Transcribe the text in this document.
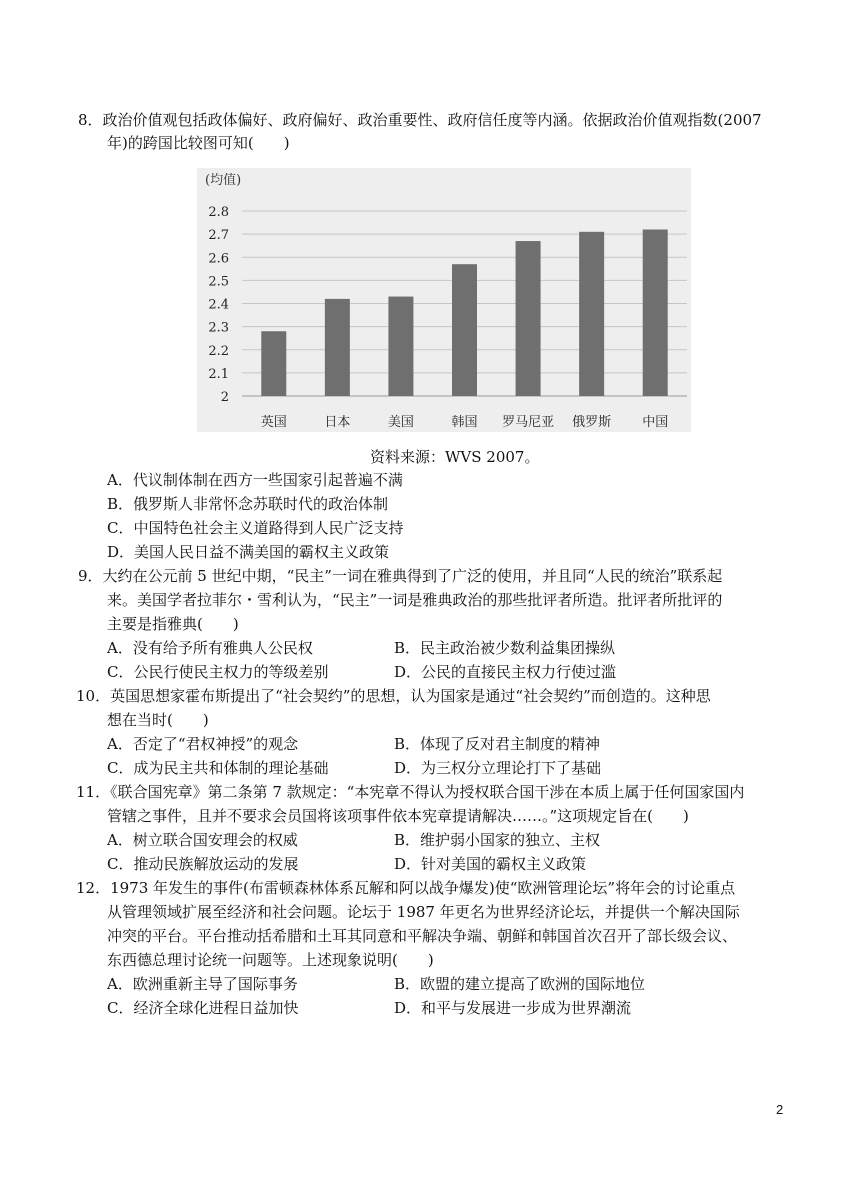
8．政治价值观包括政体偏好、政府偏好、政治重要性、政府信任度等内涵。依据政治价值观指数(2007
年)的跨国比较图可知(　　)
(均值)
2
2.1
2.2
2.3
2.4
2.5
2.6
2.7
2.8
英国	日本	美国	韩国 罗马尼亚 俄罗斯 中国
资料来源：WVS 2007。
A．代议制体制在西方一些国家引起普遍不满
B．俄罗斯人非常怀念苏联时代的政治体制
C．中国特色社会主义道路得到人民广泛支持
D．美国人民日益不满美国的霸权主义政策
9．大约在公元前 5 世纪中期，“民主”一词在雅典得到了广泛的使用，并且同“人民的统治”联系起
来。美国学者拉菲尔・雪利认为，“民主”一词是雅典政治的那些批评者所造。批评者所批评的
主要是指雅典(　　)
A．没有给予所有雅典人公民权	B．民主政治被少数利益集团操纵
C．公民行使民主权力的等级差别	D．公民的直接民主权力行使过滥
10．英国思想家霍布斯提出了“社会契约”的思想，认为国家是通过“社会契约”而创造的。这种思
想在当时(　　)
A．否定了“君权神授”的观念	B．体现了反对君主制度的精神
C．成为民主共和体制的理论基础	D．为三权分立理论打下了基础
11．《联合国宪章》第二条第 7 款规定：“本宪章不得认为授权联合国干涉在本质上属于任何国家国内
管辖之事件，且并不要求会员国将该项事件依本宪章提请解决……。”这项规定旨在(　　)
A．树立联合国安理会的权威	B．维护弱小国家的独立、主权
C．推动民族解放运动的发展	D．针对美国的霸权主义政策
12．1973 年发生的事件(布雷顿森林体系瓦解和阿以战争爆发)使“欧洲管理论坛”将年会的讨论重点
从管理领域扩展至经济和社会问题。论坛于 1987 年更名为世界经济论坛，并提供一个解决国际
冲突的平台。平台推动括希腊和土耳其同意和平解决争端、朝鲜和韩国首次召开了部长级会议、
东西德总理讨论统一问题等。上述现象说明(　　)
A．欧洲重新主导了国际事务	B．欧盟的建立提高了欧洲的国际地位
C．经济全球化进程日益加快	D．和平与发展进一步成为世界潮流
2
